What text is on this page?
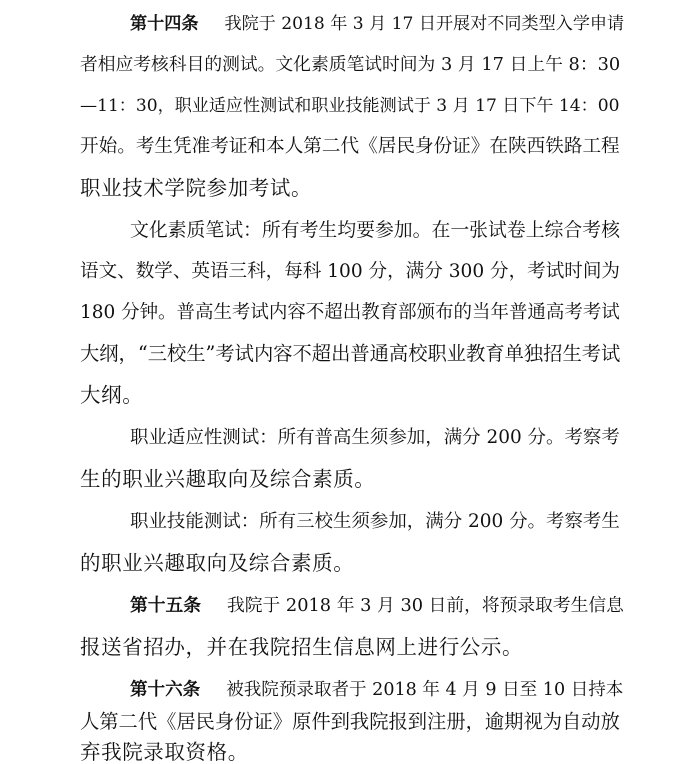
第十四条 我院于 2018 年 3 月 17 日开展对不同类型入学申请
者相应考核科目的测试。文化素质笔试时间为 3 月 17 日上午 8：30
—11：30，职业适应性测试和职业技能测试于 3 月 17 日下午 14：00
开始。考生凭准考证和本人第二代《居民身份证》在陕西铁路工程
职业技术学院参加考试。
文化素质笔试：所有考生均要参加。在一张试卷上综合考核
语文、数学、英语三科，每科 100 分，满分 300 分，考试时间为
180 分钟。普高生考试内容不超出教育部颁布的当年普通高考考试
大纲，“三校生”考试内容不超出普通高校职业教育单独招生考试
大纲。
职业适应性测试：所有普高生须参加，满分 200 分。考察考
生的职业兴趣取向及综合素质。
职业技能测试：所有三校生须参加，满分 200 分。考察考生
的职业兴趣取向及综合素质。
第十五条 我院于 2018 年 3 月 30 日前，将预录取考生信息
报送省招办，并在我院招生信息网上进行公示。
第十六条 被我院预录取者于 2018 年 4 月 9 日至 10 日持本
人第二代《居民身份证》原件到我院报到注册，逾期视为自动放
弃我院录取资格。
